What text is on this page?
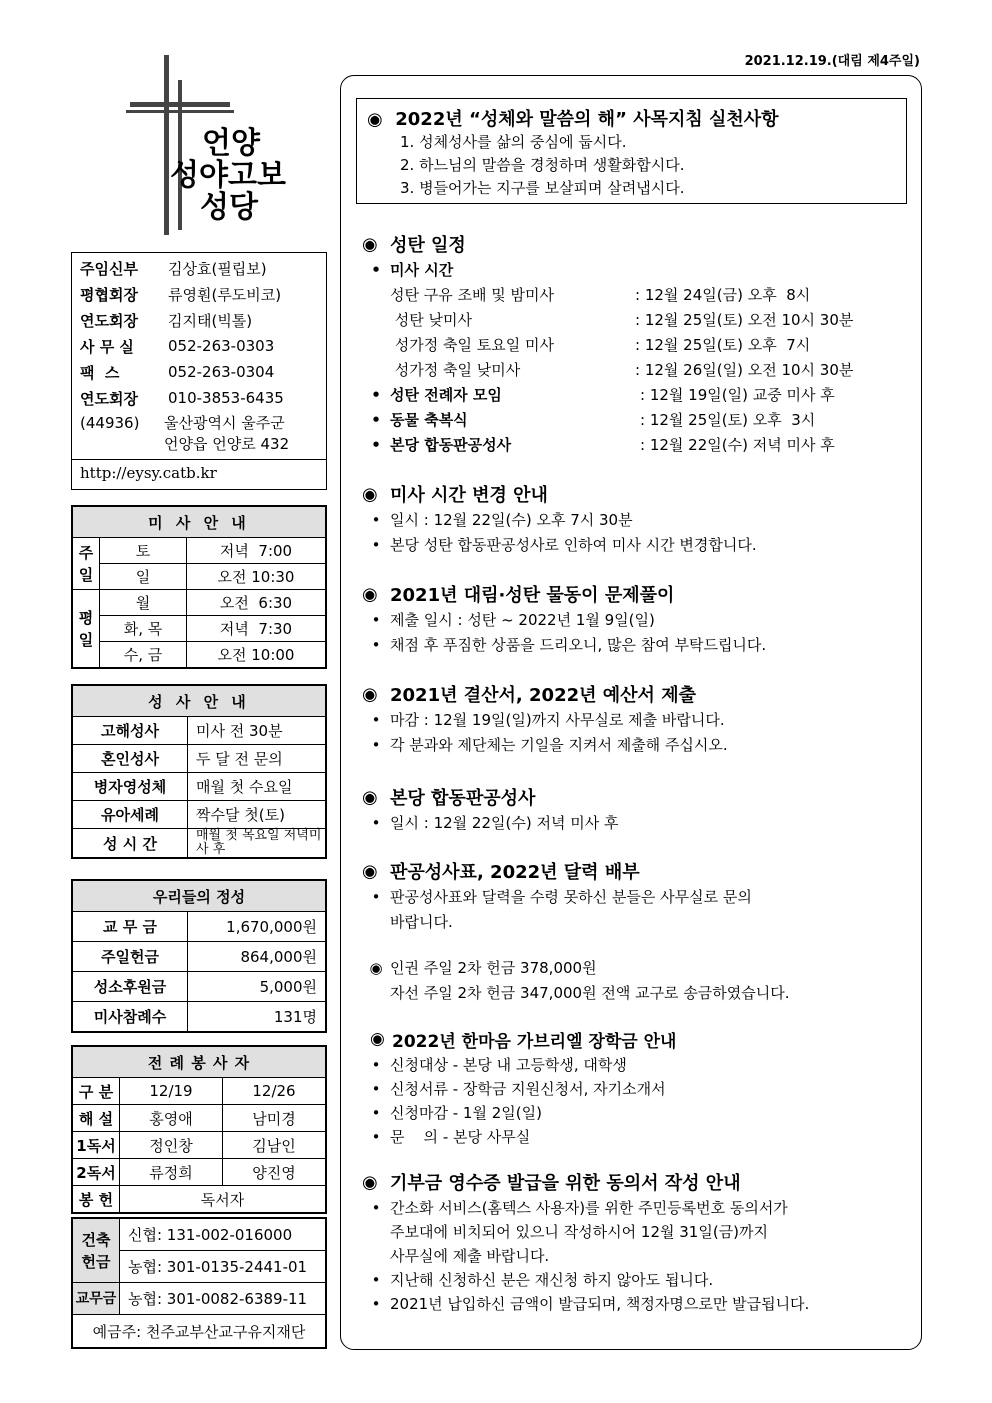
2021.12.19.(대림 제4주일)
언양
성야고보
성당
주임신부	김상효(필립보)
평협회장	류영훤(루도비코)
연도회장	김지태(빅톨)
사 무 실	052-263-0303
팩  스	052-263-0304
연도회장	010-3853-6435
(44936)	울산광역시 울주군
언양읍 언양로 432
http://eysy.catb.kr
미 사 안 내		
주일	토	저녁  7:00
	일	오전 10:30
평일	월	오전  6:30
	화, 목	저녁  7:30
	수, 금	오전 10:00
성 사 안 내	
고해성사	미사 전 30분
혼인성사	두 달 전 문의
병자영성체	매월 첫 수요일
유아세례	짝수달 첫(토)
성 시 간	매월 첫 목요일 저녁미사 후
우리들의 정성	
교 무 금	1,670,000원
주일헌금	864,000원
성소후원금	5,000원
미사참례수	131명
전 례 봉 사 자		
구 분	12/19	12/26
해 설	홍영애	남미경
1독서	정인창	김남인
2독서	류정희	양진영
봉 헌	독서자	
건축 헌금	신협: 131-002-016000
	농협: 301-0135-2441-01
교무금	농협: 301-0082-6389-11
예금주: 천주교부산교구유지재단	
◉  2022년 “성체와 말씀의 해” 사목지침 실천사항
1. 성체성사를 삶의 중심에 둡시다.
2. 하느님의 말씀을 경청하며 생활화합시다.
3. 병들어가는 지구를 보살피며 살려냅시다.
◉ 성탄 일정
• 미사 시간
성탄 구유 조배 및 밤미사	: 12월 24일(금) 오후  8시
성탄 낮미사	: 12월 25일(토) 오전 10시 30분
성가정 축일 토요일 미사	: 12월 25일(토) 오후  7시
성가정 축일 낮미사	: 12월 26일(일) 오전 10시 30분
• 성탄 전례자 모임	: 12월 19일(일) 교중 미사 후
• 동물 축복식	: 12월 25일(토) 오후  3시
• 본당 합동판공성사	: 12월 22일(수) 저녁 미사 후
◉ 미사 시간 변경 안내
• 일시 : 12월 22일(수) 오후 7시 30분
• 본당 성탄 합동판공성사로 인하여 미사 시간 변경합니다.
◉ 2021년 대림·성탄 물동이 문제풀이
• 제출 일시 : 성탄 ~ 2022년 1월 9일(일)
• 채점 후 푸짐한 상품을 드리오니, 많은 참여 부탁드립니다.
◉ 2021년 결산서, 2022년 예산서 제출
• 마감 : 12월 19일(일)까지 사무실로 제출 바랍니다.
• 각 분과와 제단체는 기일을 지켜서 제출해 주십시오.
◉ 본당 합동판공성사
• 일시 : 12월 22일(수) 저녁 미사 후
◉ 판공성사표, 2022년 달력 배부
• 판공성사표와 달력을 수령 못하신 분들은 사무실로 문의
바랍니다.
◉ 인권 주일 2차 헌금 378,000원
자선 주일 2차 헌금 347,000원 전액 교구로 송금하였습니다.
◉ 2022년 한마음 가브리엘 장학금 안내
• 신청대상 - 본당 내 고등학생, 대학생
• 신청서류 - 장학금 지원신청서, 자기소개서
• 신청마감 - 1월 2일(일)
• 문    의 - 본당 사무실
◉ 기부금 영수증 발급을 위한 동의서 작성 안내
• 간소화 서비스(홈텍스 사용자)를 위한 주민등록번호 동의서가
주보대에 비치되어 있으니 작성하시어 12월 31일(금)까지
사무실에 제출 바랍니다.
• 지난해 신청하신 분은 재신청 하지 않아도 됩니다.
• 2021년 납입하신 금액이 발급되며, 책정자명으로만 발급됩니다.
